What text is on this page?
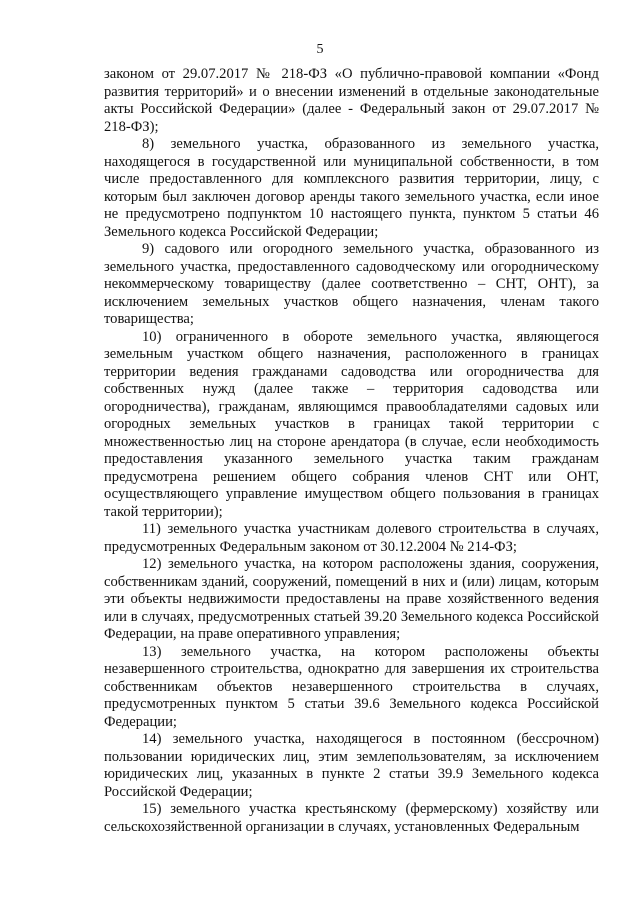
5

законом от 29.07.2017 № 218-ФЗ «О публично-правовой компании «Фонд развития территорий» и о внесении изменений в отдельные законодательные акты Российской Федерации» (далее - Федеральный закон от 29.07.2017 № 218-ФЗ);

8) земельного участка, образованного из земельного участка, находящегося в государственной или муниципальной собственности, в том числе предоставленного для комплексного развития территории, лицу, с которым был заключен договор аренды такого земельного участка, если иное не предусмотрено подпунктом 10 настоящего пункта, пунктом 5 статьи 46 Земельного кодекса Российской Федерации;

9) садового или огородного земельного участка, образованного из земельного участка, предоставленного садоводческому или огородническому некоммерческому товариществу (далее соответственно – СНТ, ОНТ), за исключением земельных участков общего назначения, членам такого товарищества;

10) ограниченного в обороте земельного участка, являющегося земельным участком общего назначения, расположенного в границах территории ведения гражданами садоводства или огородничества для собственных нужд (далее также – территория садоводства или огородничества), гражданам, являющимся правообладателями садовых или огородных земельных участков в границах такой территории с множественностью лиц на стороне арендатора (в случае, если необходимость предоставления указанного земельного участка таким гражданам предусмотрена решением общего собрания членов СНТ или ОНТ, осуществляющего управление имуществом общего пользования в границах такой территории);

11) земельного участка участникам долевого строительства в случаях, предусмотренных Федеральным законом от 30.12.2004 № 214-ФЗ;

12) земельного участка, на котором расположены здания, сооружения, собственникам зданий, сооружений, помещений в них и (или) лицам, которым эти объекты недвижимости предоставлены на праве хозяйственного ведения или в случаях, предусмотренных статьей 39.20 Земельного кодекса Российской Федерации, на праве оперативного управления;

13) земельного участка, на котором расположены объекты незавершенного строительства, однократно для завершения их строительства собственникам объектов незавершенного строительства в случаях, предусмотренных пунктом 5 статьи 39.6 Земельного кодекса Российской Федерации;

14) земельного участка, находящегося в постоянном (бессрочном) пользовании юридических лиц, этим землепользователям, за исключением юридических лиц, указанных в пункте 2 статьи 39.9 Земельного кодекса Российской Федерации;

15) земельного участка крестьянскому (фермерскому) хозяйству или сельскохозяйственной организации в случаях, установленных Федеральным
